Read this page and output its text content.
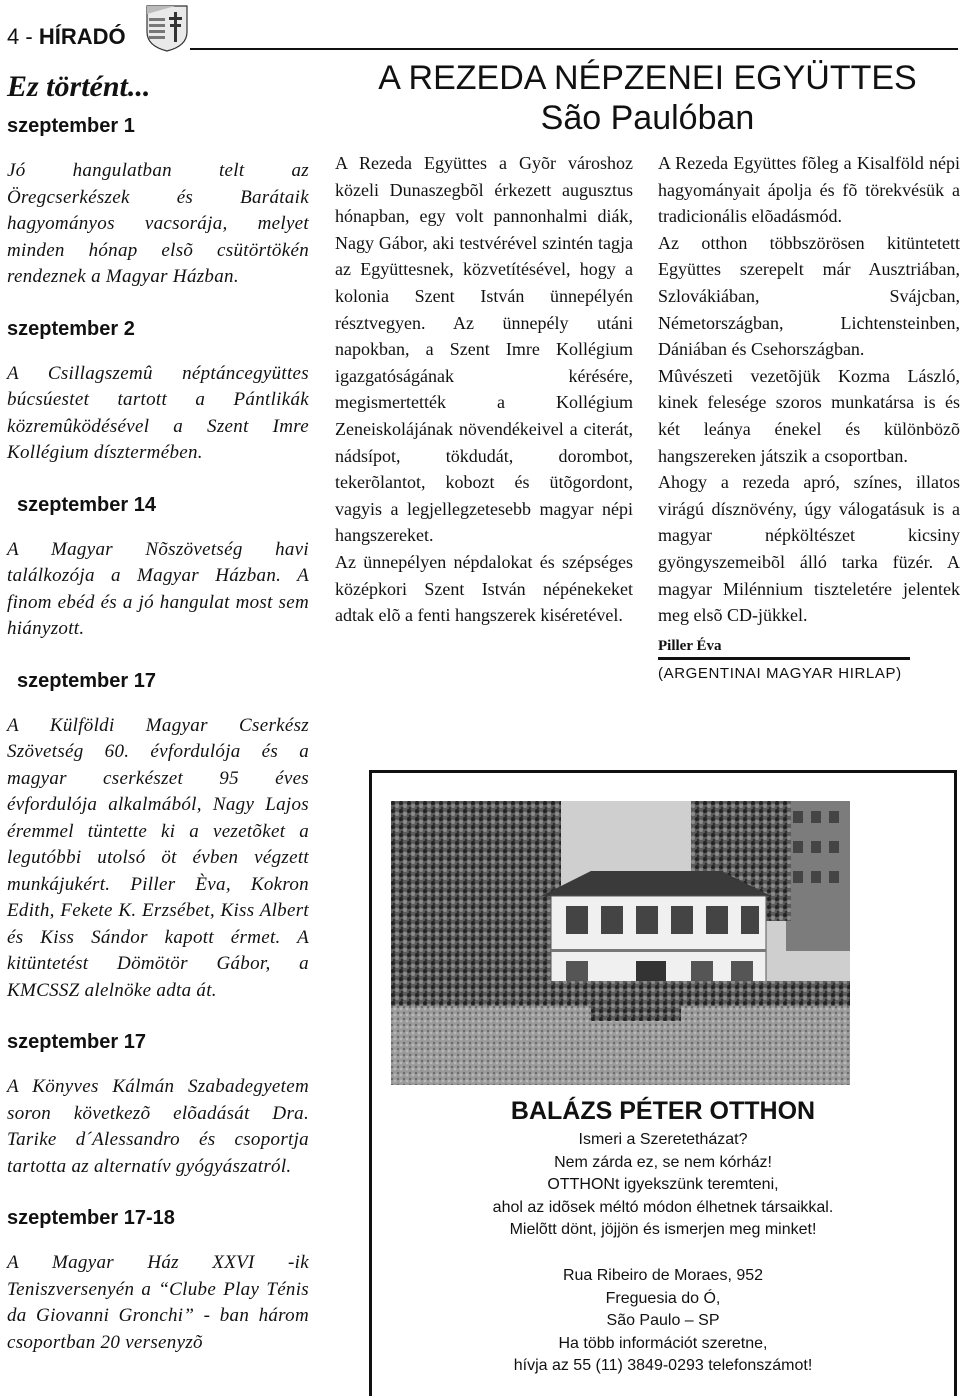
4 - HÍRADÓ
Ez történt...
szeptember 1

Jó hangulatban telt az Öregcserkészek és Barátaik hagyományos vacsorája, melyet minden hónap elsõ csütörtökén rendeznek a Magyar Házban.

szeptember 2

A Csillagszemû néptáncegyüttes búcsúestet tartott a Pántlikák közremûködésével a Szent Imre Kollégium dísztermében.

szeptember 14

A Magyar Nõszövetség havi találkozója a Magyar Házban. A finom ebéd és a jó hangulat most sem hiányzott.

szeptember 17

A Külföldi Magyar Cserkész Szövetség 60. évfordulója és a magyar cserkészet 95 éves évfordulója alkalmából, Nagy Lajos éremmel tüntette ki a vezetõket a legutóbbi utolsó öt évben végzett munkájukért. Piller Èva, Kokron Edith, Fekete K. Erzsébet, Kiss Albert és Kiss Sándor kapott érmet. A kitüntetést Dömötör Gábor, a KMCSSZ alelnöke adta át.

szeptember 17

A Könyves Kálmán Szabadegyetem soron következõ elõadását Dra. Tarike d´Alessandro és csoportja tartotta az alternatív gyógyászatról.

szeptember 17-18

A Magyar Ház XXVI -ik Teniszversenyén a “Clube Play Ténis da Giovanni Gronchi” - ban három csoportban 20 versenyzõ

A REZEDA NÉPZENEI EGYÜTTES
São Paulóban

A Rezeda Együttes a Gyõr városhoz közeli Dunaszegbõl érkezett augusztus hónapban, egy volt pannonhalmi diák, Nagy Gábor, aki testvérével szintén tagja az Együttesnek, közvetítésével, hogy a kolonia Szent István ünnepélyén résztvegyen. Az ünnepély utáni napokban, a Szent Imre Kollégium igazgatóságának kérésére, megismertették a Kollégium Zeneiskolájának növendékeivel a citerát, nádsípot, tökdudát, dorombot, tekerõlantot, kobozt és ütõgordont, vagyis a legjellegzetesebb magyar népi hangszereket.

Az ünnepélyen népdalokat és szépséges középkori Szent István népénekeket adtak elõ a fenti hangszerek kiséretével.

A Rezeda Együttes fõleg a Kisalföld népi hagyományait ápolja és fõ törekvésük a tradicionális elõadásmód.

Az otthon többszörösen kitüntetett Együttes szerepelt már Ausztriában, Szlovákiában, Svájcban, Németországban, Lichtensteinben, Dániában és Csehországban.

Mûvészeti vezetõjük Kozma László, kinek felesége szoros munkatársa is és két leánya énekel és különbözõ hangszereken játszik a csoportban.

Ahogy a rezeda apró, színes, illatos virágú dísznövény, úgy válogatásuk is a magyar népköltészet kicsiny gyöngyszemeibõl álló tarka füzér. A magyar Milénnium tiszteletére jelentek meg elsõ CD-jükkel.

Piller Éva

(ARGENTINAI MAGYAR HIRLAP)

BALÁZS PÉTER OTTHON
Ismeri a Szeretetházat?
Nem zárda ez, se nem kórház!
OTTHONt igyekszünk teremteni,
ahol az idõsek méltó módon élhetnek társaikkal.
Mielõtt dönt, jöjjön és ismerjen meg minket!
Rua Ribeiro de Moraes, 952
Freguesia do Ó,
São Paulo – SP
Ha több információt szeretne,
hívja az 55 (11) 3849-0293 telefonszámot!
